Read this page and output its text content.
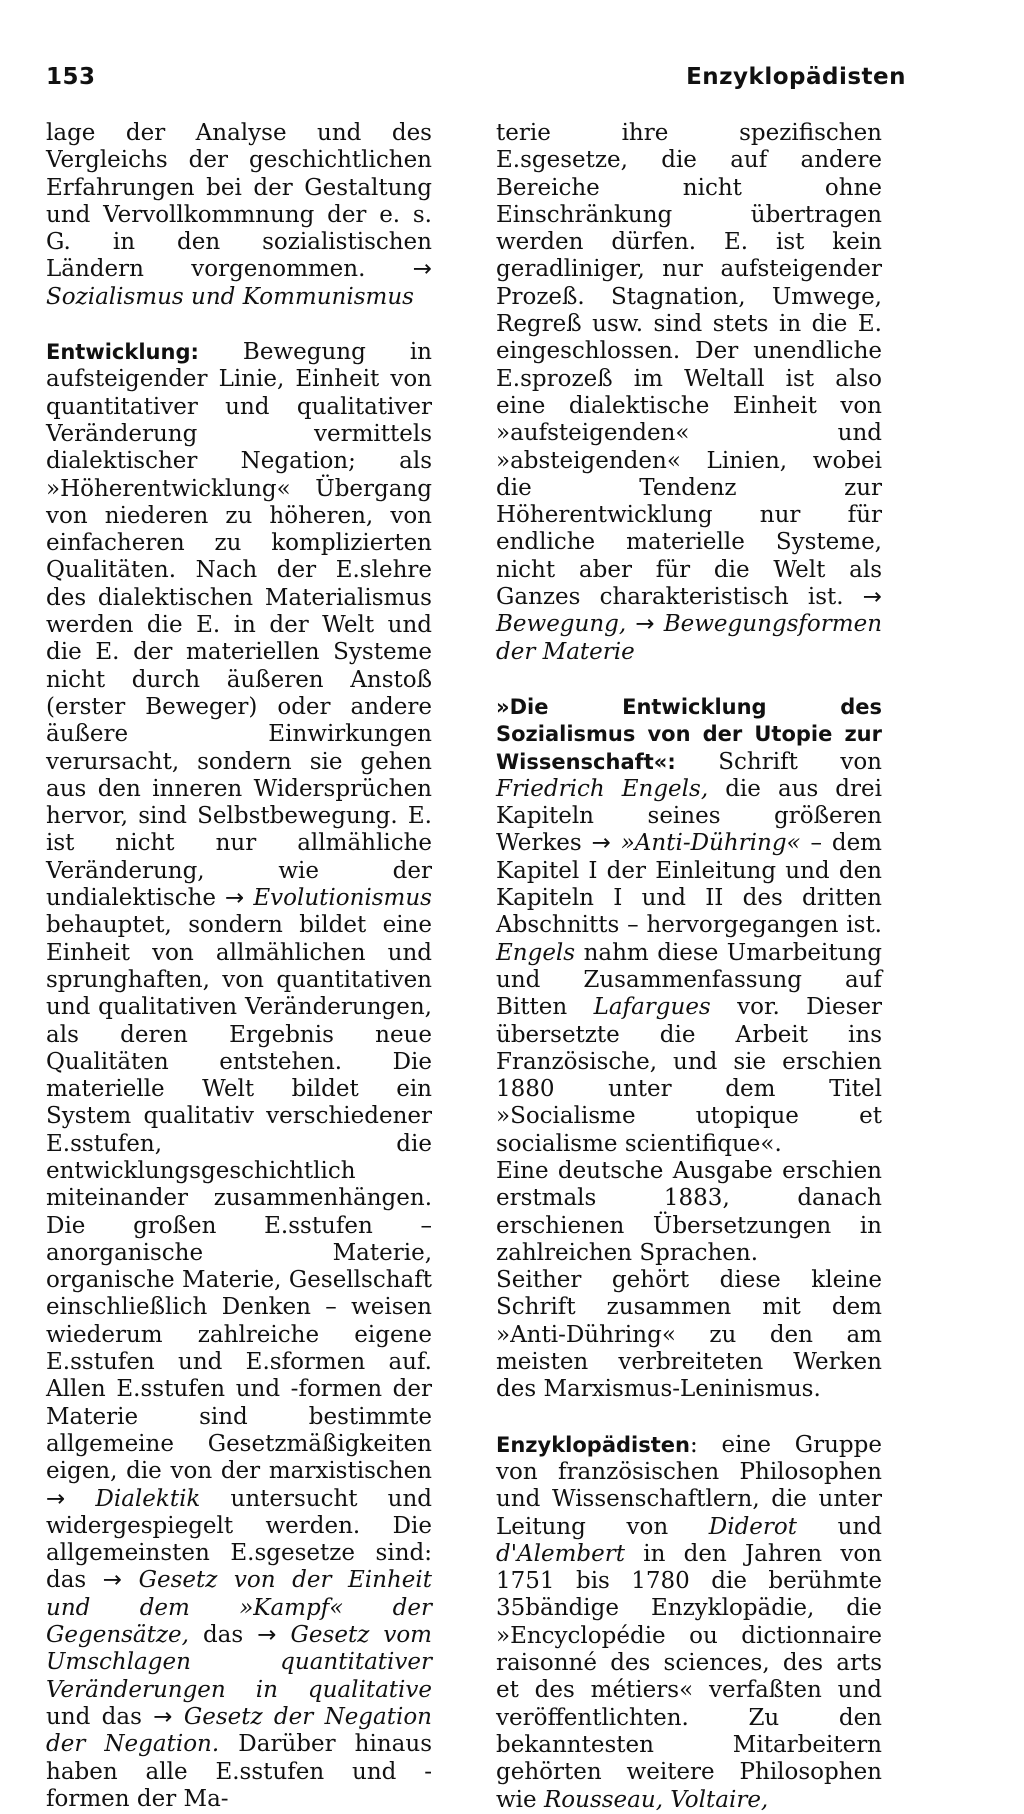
153	Enzyklopädisten

lage der Analyse und des Vergleichs der geschichtlichen Erfahrungen bei der Gestaltung und Vervollkommnung der e. s. G. in den sozialistischen Ländern vorgenommen. → Sozialismus und Kommunismus

Entwicklung: Bewegung in aufsteigender Linie, Einheit von quantitativer und qualitativer Veränderung vermittels dialektischer Negation; als »Höherentwicklung« Übergang von niederen zu höheren, von einfacheren zu komplizierten Qualitäten. Nach der E.slehre des dialektischen Materialismus werden die E. in der Welt und die E. der materiellen Systeme nicht durch äußeren Anstoß (erster Beweger) oder andere äußere Einwirkungen verursacht, sondern sie gehen aus den inneren Widersprüchen hervor, sind Selbstbewegung. E. ist nicht nur allmähliche Veränderung, wie der undialektische → Evolutionismus behauptet, sondern bildet eine Einheit von allmählichen und sprunghaften, von quantitativen und qualitativen Veränderungen, als deren Ergebnis neue Qualitäten entstehen. Die materielle Welt bildet ein System qualitativ verschiedener E.sstufen, die entwicklungsgeschichtlich miteinander zusammenhängen. Die großen E.sstufen – anorganische Materie, organische Materie, Gesellschaft einschließlich Denken – weisen wiederum zahlreiche eigene E.sstufen und E.sformen auf. Allen E.sstufen und -formen der Materie sind bestimmte allgemeine Gesetzmäßigkeiten eigen, die von der marxistischen → Dialektik untersucht und widergespiegelt werden. Die allgemeinsten E.sgesetze sind: das → Gesetz von der Einheit und dem »Kampf« der Gegensätze, das → Gesetz vom Umschlagen quantitativer Veränderungen in qualitative und das → Gesetz der Negation der Negation. Darüber hinaus haben alle E.sstufen und -formen der Ma-

terie ihre spezifischen E.sgesetze, die auf andere Bereiche nicht ohne Einschränkung übertragen werden dürfen. E. ist kein geradliniger, nur aufsteigender Prozeß. Stagnation, Umwege, Regreß usw. sind stets in die E. eingeschlossen. Der unendliche E.sprozeß im Weltall ist also eine dialektische Einheit von »aufsteigenden« und »absteigenden« Linien, wobei die Tendenz zur Höherentwicklung nur für endliche materielle Systeme, nicht aber für die Welt als Ganzes charakteristisch ist. → Bewegung, → Bewegungsformen der Materie

»Die Entwicklung des Sozialismus von der Utopie zur Wissenschaft«: Schrift von Friedrich Engels, die aus drei Kapiteln seines größeren Werkes → »Anti-Dühring« – dem Kapitel I der Einleitung und den Kapiteln I und II des dritten Abschnitts – hervorgegangen ist. Engels nahm diese Umarbeitung und Zusammenfassung auf Bitten Lafargues vor. Dieser übersetzte die Arbeit ins Französische, und sie erschien 1880 unter dem Titel »Socialisme utopique et socialisme scientifique«.

Eine deutsche Ausgabe erschien erstmals 1883, danach erschienen Übersetzungen in zahlreichen Sprachen.

Seither gehört diese kleine Schrift zusammen mit dem »Anti-Dühring« zu den am meisten verbreiteten Werken des Marxismus-Leninismus.

Enzyklopädisten: eine Gruppe von französischen Philosophen und Wissenschaftlern, die unter Leitung von Diderot und d'Alembert in den Jahren von 1751 bis 1780 die berühmte 35bändige Enzyklopädie, die »Encyclopédie ou dictionnaire raisonné des sciences, des arts et des métiers« verfaßten und veröffentlichten. Zu den bekanntesten Mitarbeitern gehörten weitere Philosophen wie Rousseau, Voltaire,
